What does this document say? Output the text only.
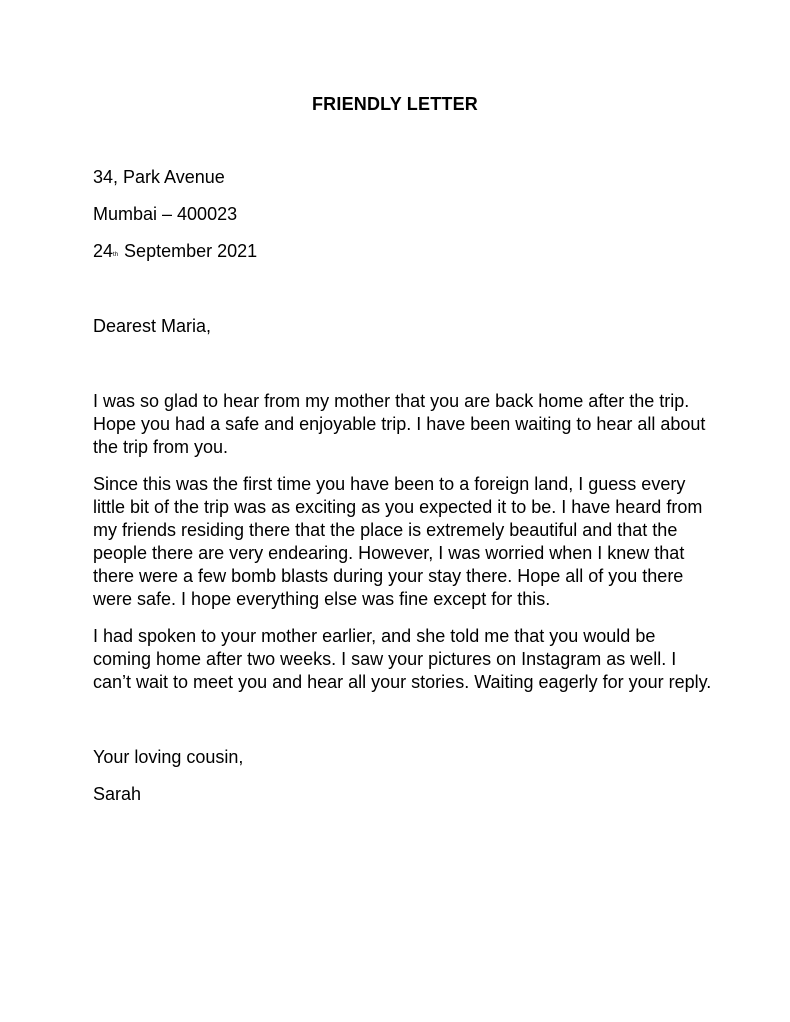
FRIENDLY LETTER
34, Park Avenue
Mumbai – 400023
24th September 2021
Dearest Maria,

I was so glad to hear from my mother that you are back home after the trip. Hope you had a safe and enjoyable trip. I have been waiting to hear all about the trip from you.

Since this was the first time you have been to a foreign land, I guess every little bit of the trip was as exciting as you expected it to be. I have heard from my friends residing there that the place is extremely beautiful and that the people there are very endearing. However, I was worried when I knew that there were a few bomb blasts during your stay there. Hope all of you there were safe. I hope everything else was fine except for this.

I had spoken to your mother earlier, and she told me that you would be coming home after two weeks. I saw your pictures on Instagram as well. I can’t wait to meet you and hear all your stories. Waiting eagerly for your reply.

Your loving cousin,
Sarah
